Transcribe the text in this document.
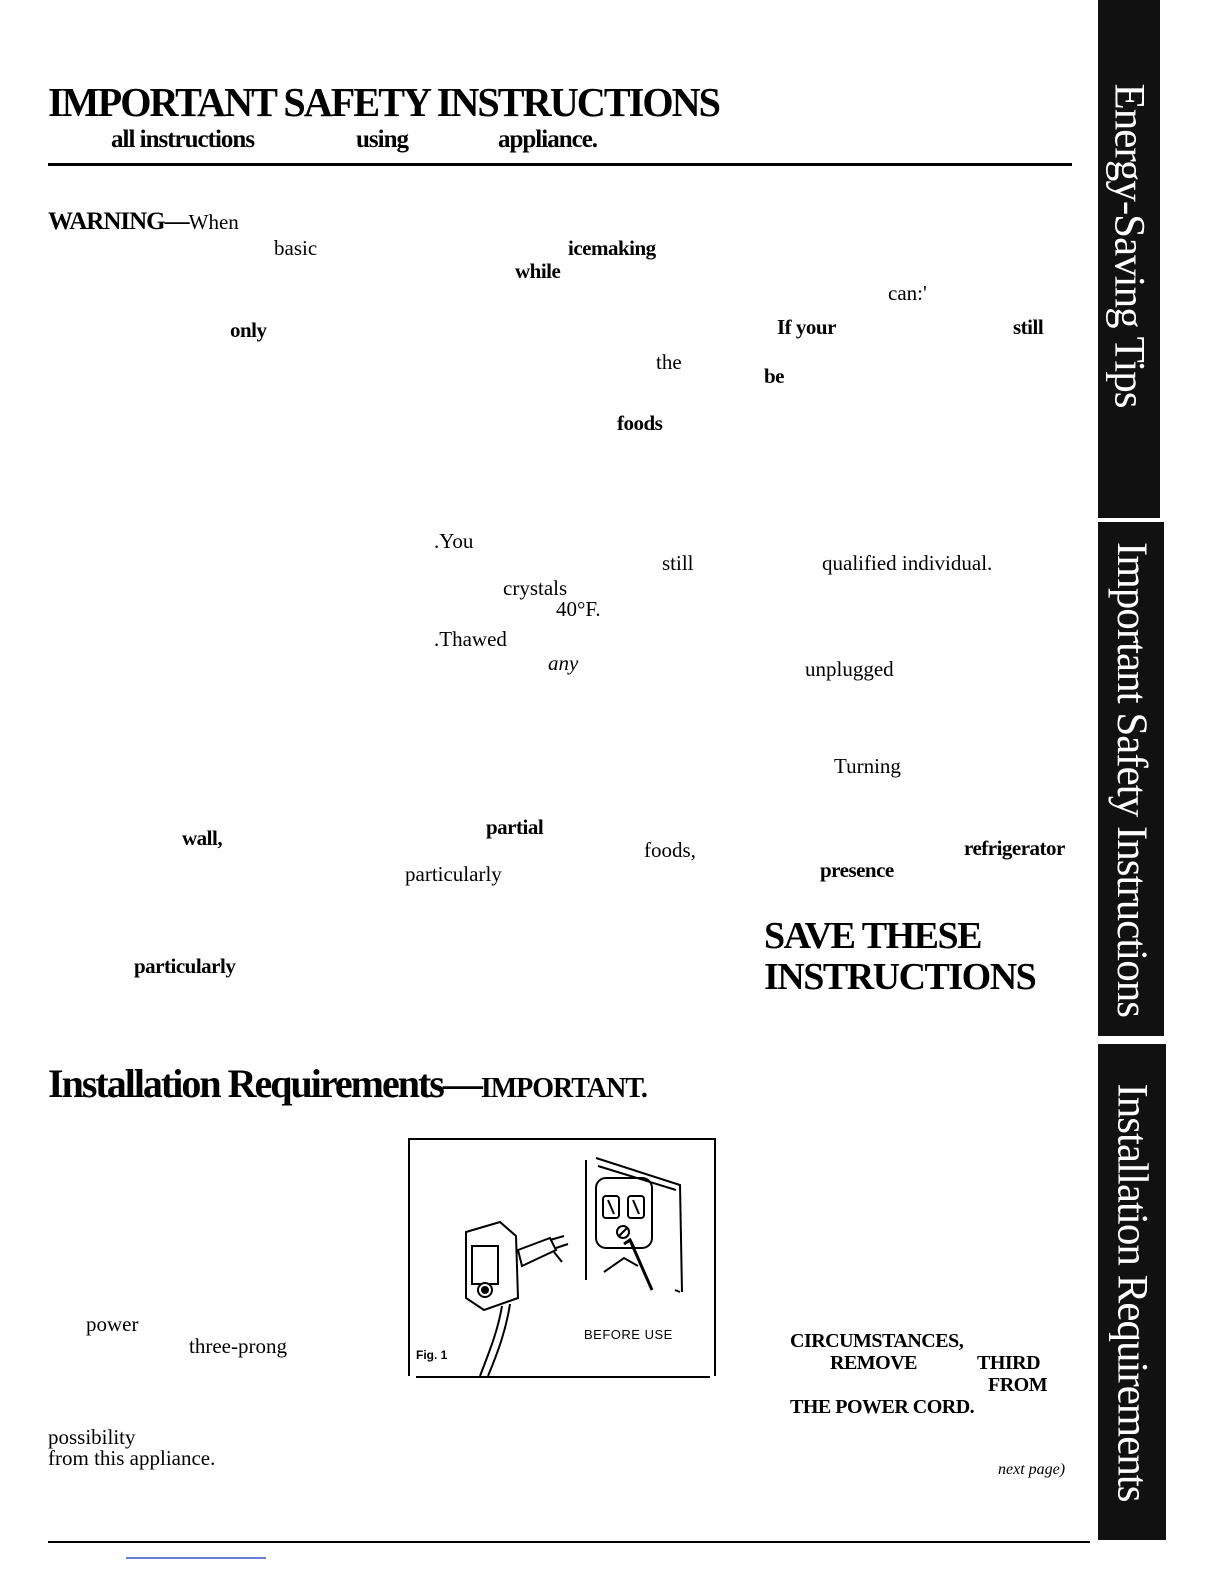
IMPORTANT SAFETY INSTRUCTIONS
all instructions	using	appliance.
WARNING—When
basic	icemaking
while
can:'
only	If your	still
the
be
foods
.You
still	qualified individual.
crystals
40°F.
.Thawed
any	unplugged
Turning
partial
wall,	foods,	refrigerator
particularly	presence
particularly
SAVE THESE
INSTRUCTIONS
Installation Requirements—IMPORTANT.
power
three-prong
possibility
from this appliance.
CIRCUMSTANCES,
REMOVE	THIRD
FROM
THE POWER CORD.
next page)
Fig. 1
BEFORE USE
Energy-Saving Tips
Important Safety Instructions
Installation Requirements
